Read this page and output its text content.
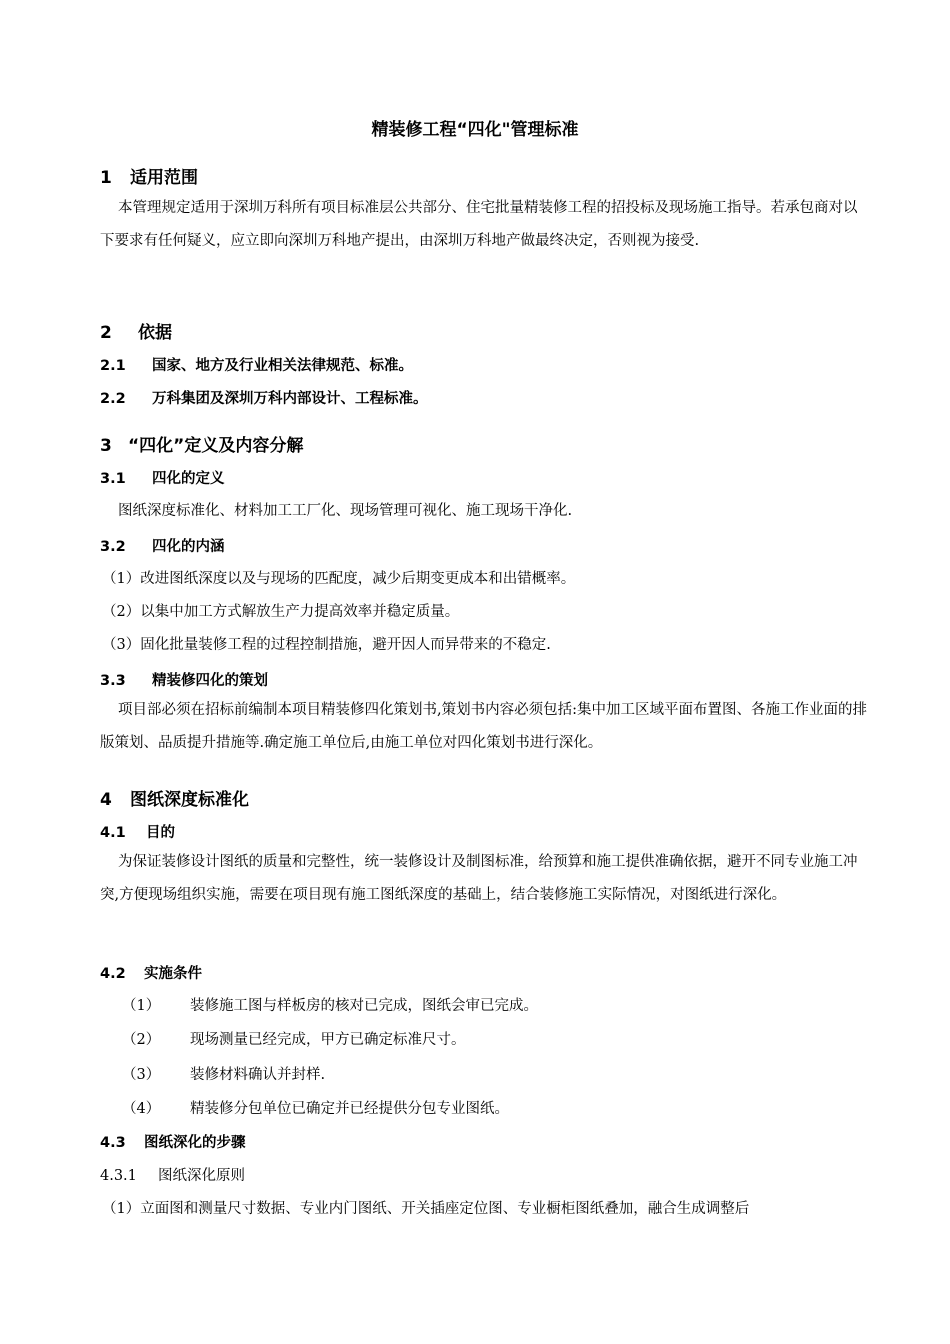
精装修工程“四化"管理标准
1 适用范围
本管理规定适用于深圳万科所有项目标准层公共部分、住宅批量精装修工程的招投标及现场施工指导。若承包商对以下要求有任何疑义，应立即向深圳万科地产提出，由深圳万科地产做最终决定，否则视为接受.
2 依据
2.1 国家、地方及行业相关法律规范、标准。
2.2 万科集团及深圳万科内部设计、工程标准。
3 “四化”定义及内容分解
3.1 四化的定义
图纸深度标准化、材料加工工厂化、现场管理可视化、施工现场干净化.
3.2 四化的内涵
（1）改进图纸深度以及与现场的匹配度，减少后期变更成本和出错概率。
（2）以集中加工方式解放生产力提高效率并稳定质量。
（3）固化批量装修工程的过程控制措施，避开因人而异带来的不稳定.
3.3 精装修四化的策划
项目部必须在招标前编制本项目精装修四化策划书,策划书内容必须包括:集中加工区域平面布置图、各施工作业面的排版策划、品质提升措施等.确定施工单位后,由施工单位对四化策划书进行深化。
4 图纸深度标准化
4.1 目的
为保证装修设计图纸的质量和完整性，统一装修设计及制图标准，给预算和施工提供准确依据，避开不同专业施工冲突,方便现场组织实施，需要在项目现有施工图纸深度的基础上，结合装修施工实际情况，对图纸进行深化。
4.2 实施条件
（1） 装修施工图与样板房的核对已完成，图纸会审已完成。
（2） 现场测量已经完成，甲方已确定标准尺寸。
（3） 装修材料确认并封样.
（4） 精装修分包单位已确定并已经提供分包专业图纸。
4.3 图纸深化的步骤
4.3.1 图纸深化原则
（1）立面图和测量尺寸数据、专业内门图纸、开关插座定位图、专业橱柜图纸叠加，融合生成调整后
